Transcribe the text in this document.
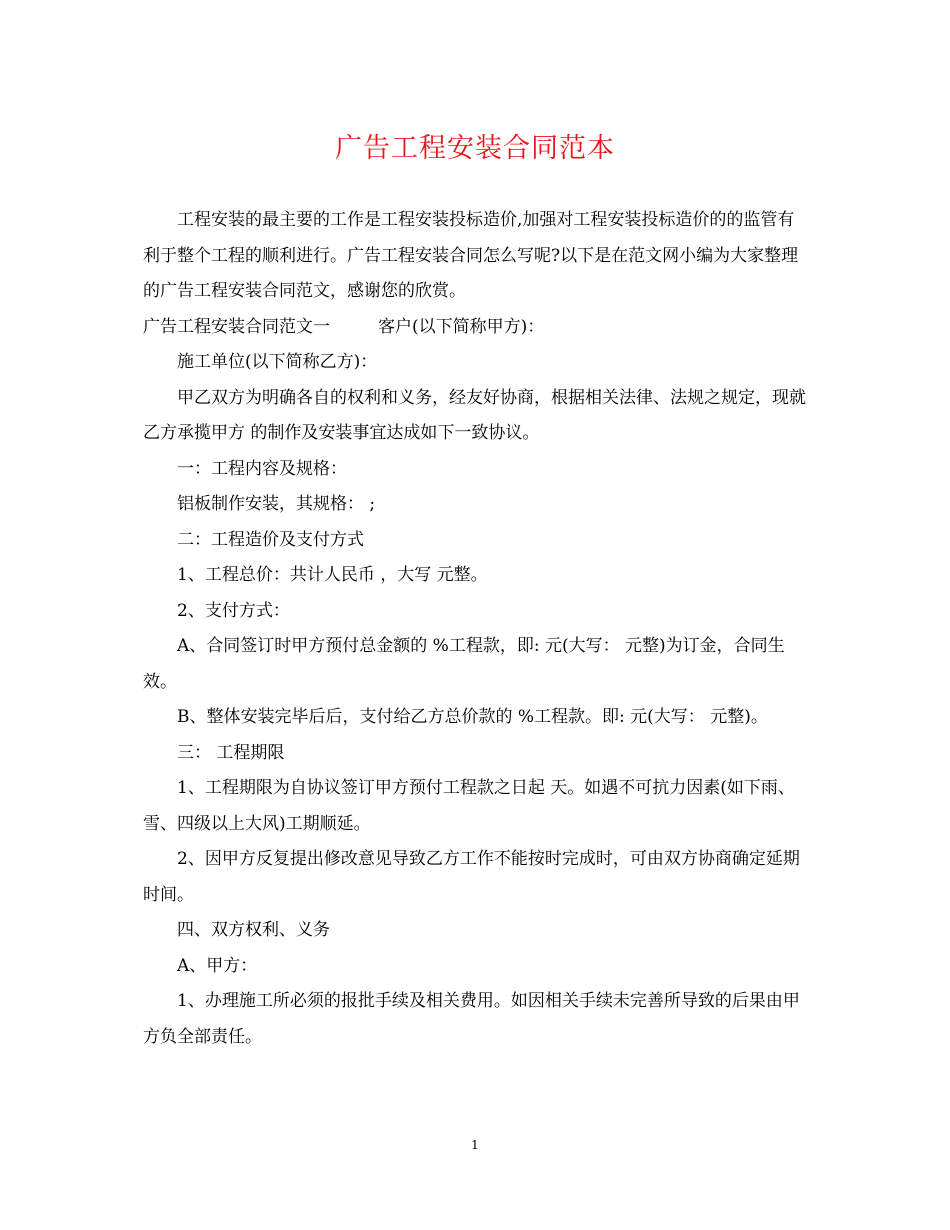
广告工程安装合同范本

工程安装的最主要的工作是工程安装投标造价,加强对工程安装投标造价的的监管有利于整个工程的顺利进行。广告工程安装合同怎么写呢?以下是在范文网小编为大家整理的广告工程安装合同范文，感谢您的欣赏。

广告工程安装合同范文一	客户(以下简称甲方)：

施工单位(以下简称乙方)：

甲乙双方为明确各自的权利和义务，经友好协商，根据相关法律、法规之规定，现就乙方承揽甲方 的制作及安装事宜达成如下一致协议。

一：工程内容及规格：

铝板制作安装，其规格： ;

二：工程造价及支付方式

1、工程总价：共计人民币 ，大写 元整。

2、支付方式：

A、合同签订时甲方预付总金额的 %工程款，即: 元(大写： 元整)为订金，合同生效。

B、整体安装完毕后后，支付给乙方总价款的 %工程款。即: 元(大写： 元整)。

三： 工程期限

1、工程期限为自协议签订甲方预付工程款之日起 天。如遇不可抗力因素(如下雨、雪、四级以上大风)工期顺延。

2、因甲方反复提出修改意见导致乙方工作不能按时完成时，可由双方协商确定延期时间。

四、双方权利、义务

A、甲方：

1、办理施工所必须的报批手续及相关费用。如因相关手续未完善所导致的后果由甲方负全部责任。

1
